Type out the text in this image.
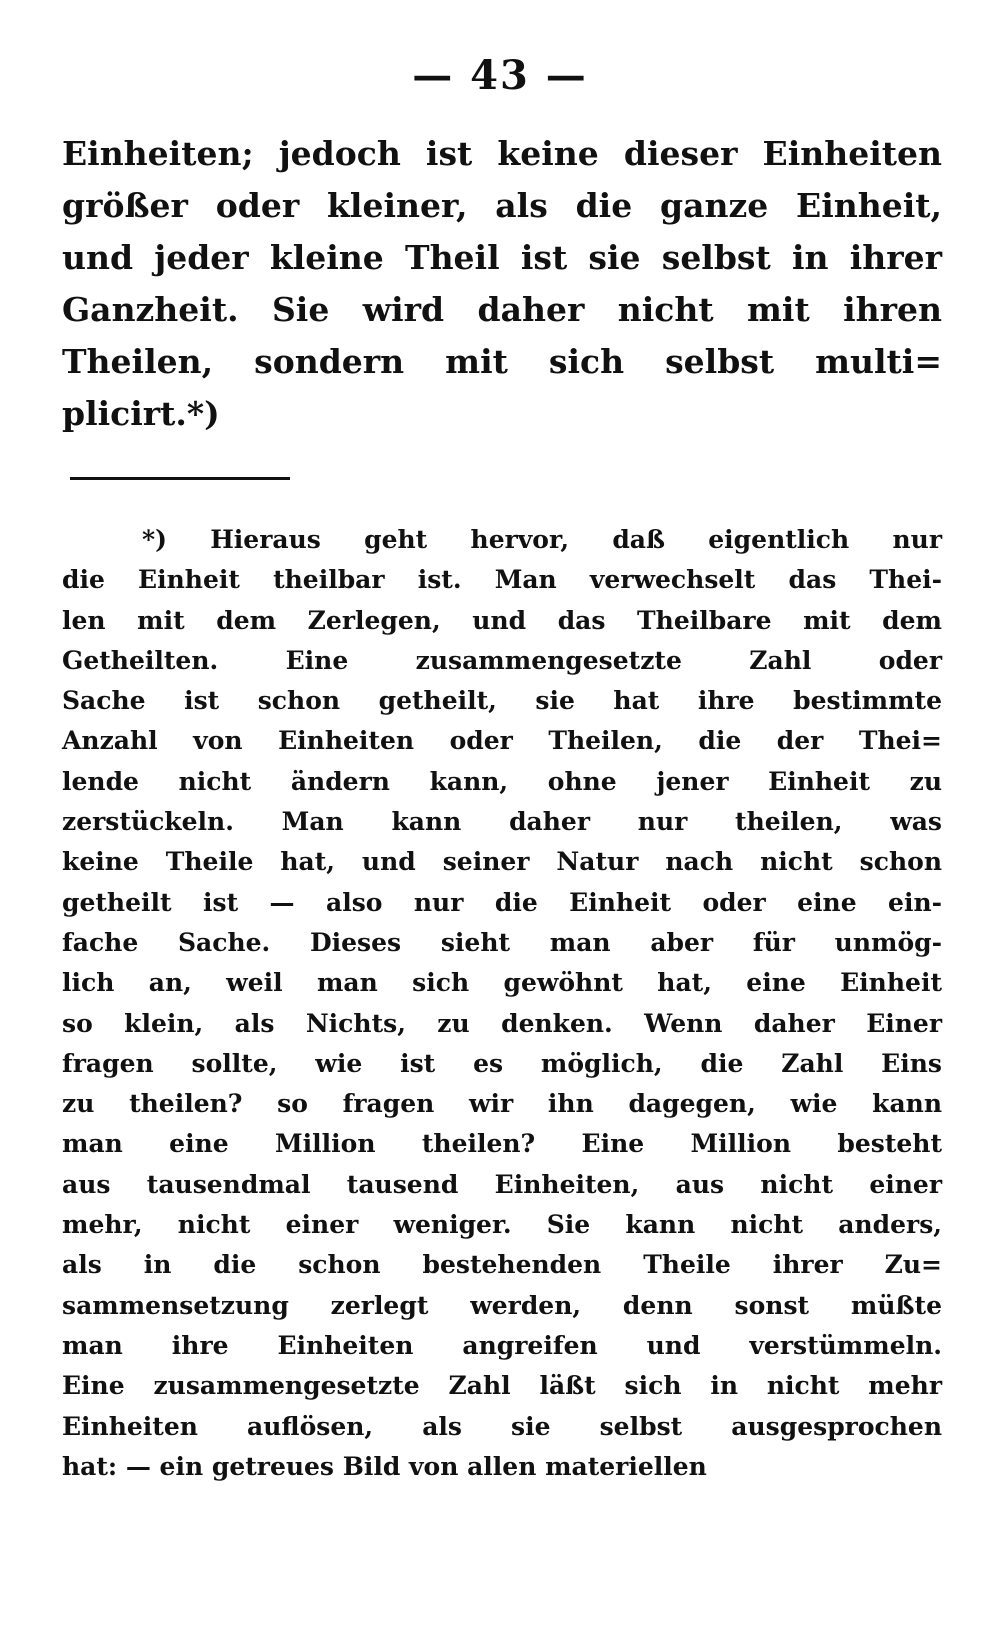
— 43 —
Einheiten; jedoch ist keine dieser Einheiten
größer oder kleiner, als die ganze Einheit,
und jeder kleine Theil ist sie selbst in ihrer
Ganzheit. Sie wird daher nicht mit ihren
Theilen, sondern mit sich selbst multi=
plicirt.*)
*) Hieraus geht hervor, daß eigentlich nur
die Einheit theilbar ist. Man verwechselt das Thei-
len mit dem Zerlegen, und das Theilbare mit dem
Getheilten. Eine zusammengesetzte Zahl oder
Sache ist schon getheilt, sie hat ihre bestimmte
Anzahl von Einheiten oder Theilen, die der Thei=
lende nicht ändern kann, ohne jener Einheit zu
zerstückeln. Man kann daher nur theilen, was
keine Theile hat, und seiner Natur nach nicht schon
getheilt ist — also nur die Einheit oder eine ein-
fache Sache. Dieses sieht man aber für unmög-
lich an, weil man sich gewöhnt hat, eine Einheit
so klein, als Nichts, zu denken. Wenn daher Einer
fragen sollte, wie ist es möglich, die Zahl Eins
zu theilen? so fragen wir ihn dagegen, wie kann
man eine Million theilen? Eine Million besteht
aus tausendmal tausend Einheiten, aus nicht einer
mehr, nicht einer weniger. Sie kann nicht anders,
als in die schon bestehenden Theile ihrer Zu=
sammensetzung zerlegt werden, denn sonst müßte
man ihre Einheiten angreifen und verstümmeln.
Eine zusammengesetzte Zahl läßt sich in nicht mehr
Einheiten auflösen, als sie selbst ausgesprochen
hat: — ein getreues Bild von allen materiellen
